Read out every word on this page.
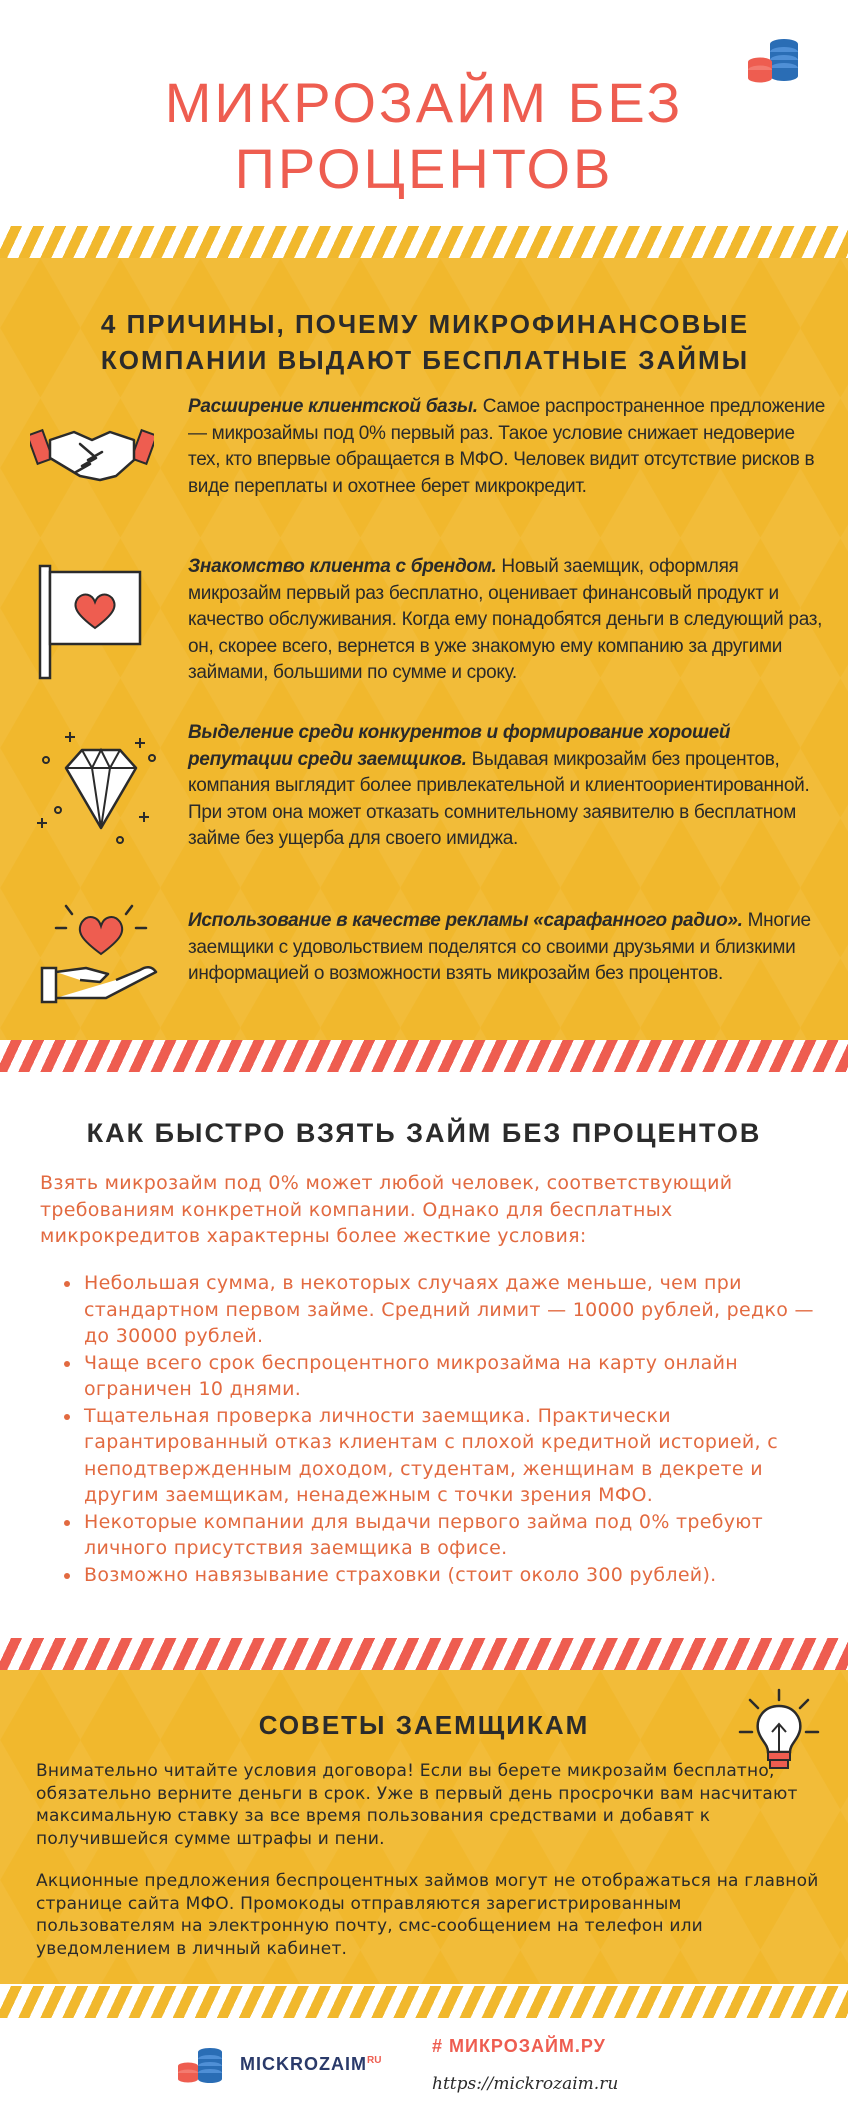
МИКРОЗАЙМ БЕЗ
ПРОЦЕНТОВ
4 ПРИЧИНЫ, ПОЧЕМУ МИКРОФИНАНСОВЫЕ
КОМПАНИИ ВЫДАЮТ БЕСПЛАТНЫЕ ЗАЙМЫ
Расширение клиентской базы. Самое распространенное предложение — микрозаймы под 0% первый раз. Такое условие снижает недоверие тех, кто впервые обращается в МФО. Человек видит отсутствие рисков в виде переплаты и охотнее берет микрокредит.
Знакомство клиента с брендом. Новый заемщик, оформляя микрозайм первый раз бесплатно, оценивает финансовый продукт и качество обслуживания. Когда ему понадобятся деньги в следующий раз, он, скорее всего, вернется в уже знакомую ему компанию за другими займами, большими по сумме и сроку.
Выделение среди конкурентов и формирование хорошей репутации среди заемщиков. Выдавая микрозайм без процентов, компания выглядит более привлекательной и клиентоориентированной.
При этом она может отказать сомнительному заявителю в бесплатном займе без ущерба для своего имиджа.
Использование в качестве рекламы «сарафанного радио». Многие заемщики с удовольствием поделятся со своими друзьями и близкими информацией о возможности взять микрозайм без процентов.
КАК БЫСТРО ВЗЯТЬ ЗАЙМ БЕЗ ПРОЦЕНТОВ

Взять микрозайм под 0% может любой человек, соответствующий требованиям конкретной компании. Однако для бесплатных микрокредитов характерны более жесткие условия:

Небольшая сумма, в некоторых случаях даже меньше, чем при стандартном первом займе. Средний лимит — 10000 рублей, редко — до 30000 рублей.
Чаще всего срок беспроцентного микрозайма на карту онлайн ограничен 10 днями.
Тщательная проверка личности заемщика. Практически гарантированный отказ клиентам с плохой кредитной историей, с неподтвержденным доходом, студентам, женщинам в декрете и другим заемщикам, ненадежным с точки зрения МФО.
Некоторые компании для выдачи первого займа под 0% требуют личного присутствия заемщика в офисе.
Возможно навязывание страховки (стоит около 300 рублей).
СОВЕТЫ ЗАЕМЩИКАМ

Внимательно читайте условия договора! Если вы берете микрозайм бесплатно, обязательно верните деньги в срок. Уже в первый день просрочки вам насчитают максимальную ставку за все время пользования средствами и добавят к получившейся сумме штрафы и пени.

Акционные предложения беспроцентных займов могут не отображаться на главной странице сайта МФО. Промокоды отправляются зарегистрированным пользователям на электронную почту, смс-сообщением на телефон или уведомлением в личный кабинет.

$MICKROZAIM^{RU}$
# МИКРОЗАЙМ.РУ
https://mickrozaim.ru
